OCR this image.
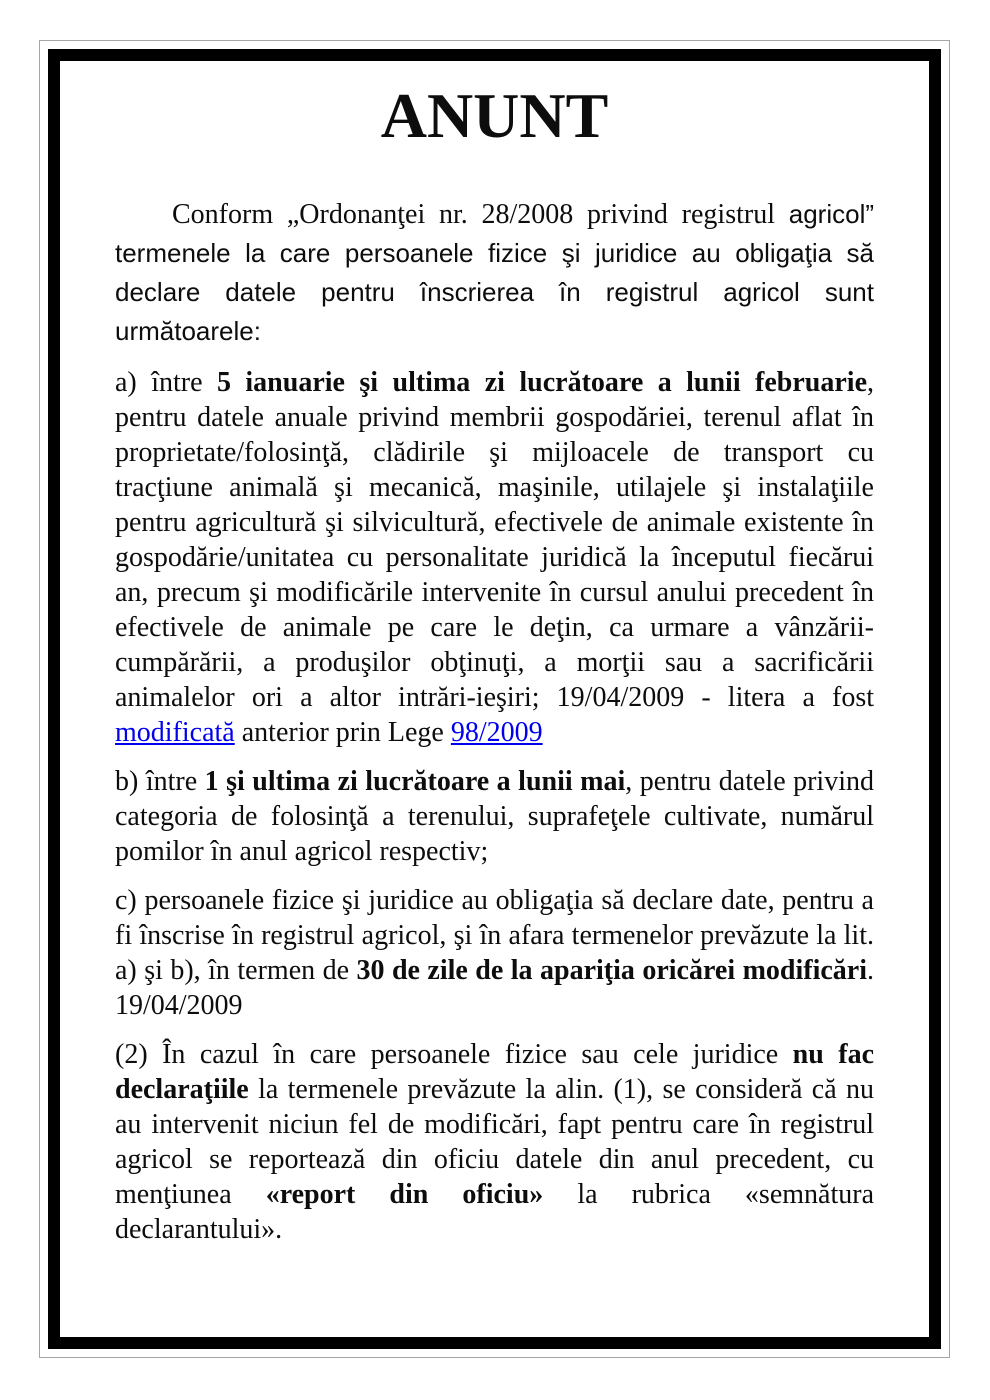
ANUNT

Conform „Ordonanţei nr. 28/2008 privind registrul agricol” termenele la care persoanele fizice şi juridice au obligaţia să declare datele pentru înscrierea în registrul agricol sunt următoarele:

a) între 5 ianuarie şi ultima zi lucrătoare a lunii februarie, pentru datele anuale privind membrii gospodăriei, terenul aflat în proprietate/folosinţă, clădirile şi mijloacele de transport cu tracţiune animală şi mecanică, maşinile, utilajele şi instalaţiile pentru agricultură şi silvicultură, efectivele de animale existente în gospodărie/unitatea cu personalitate juridică la începutul fiecărui an, precum şi modificările intervenite în cursul anului precedent în efectivele de animale pe care le deţin, ca urmare a vânzării-cumpărării, a produşilor obţinuţi, a morţii sau a sacrificării animalelor ori a altor intrări-ieşiri; 19/04/2009 - litera a fost modificată anterior prin Lege 98/2009

b) între 1 şi ultima zi lucrătoare a lunii mai, pentru datele privind categoria de folosinţă a terenului, suprafeţele cultivate, numărul pomilor în anul agricol respectiv;

c) persoanele fizice şi juridice au obligaţia să declare date, pentru a fi înscrise în registrul agricol, şi în afara termenelor prevăzute la lit. a) şi b), în termen de 30 de zile de la apariţia oricărei modificări. 19/04/2009

(2) În cazul în care persoanele fizice sau cele juridice nu fac declaraţiile la termenele prevăzute la alin. (1), se consideră că nu au intervenit niciun fel de modificări, fapt pentru care în registrul agricol se reportează din oficiu datele din anul precedent, cu menţiunea «report din oficiu» la rubrica «semnătura declarantului».
